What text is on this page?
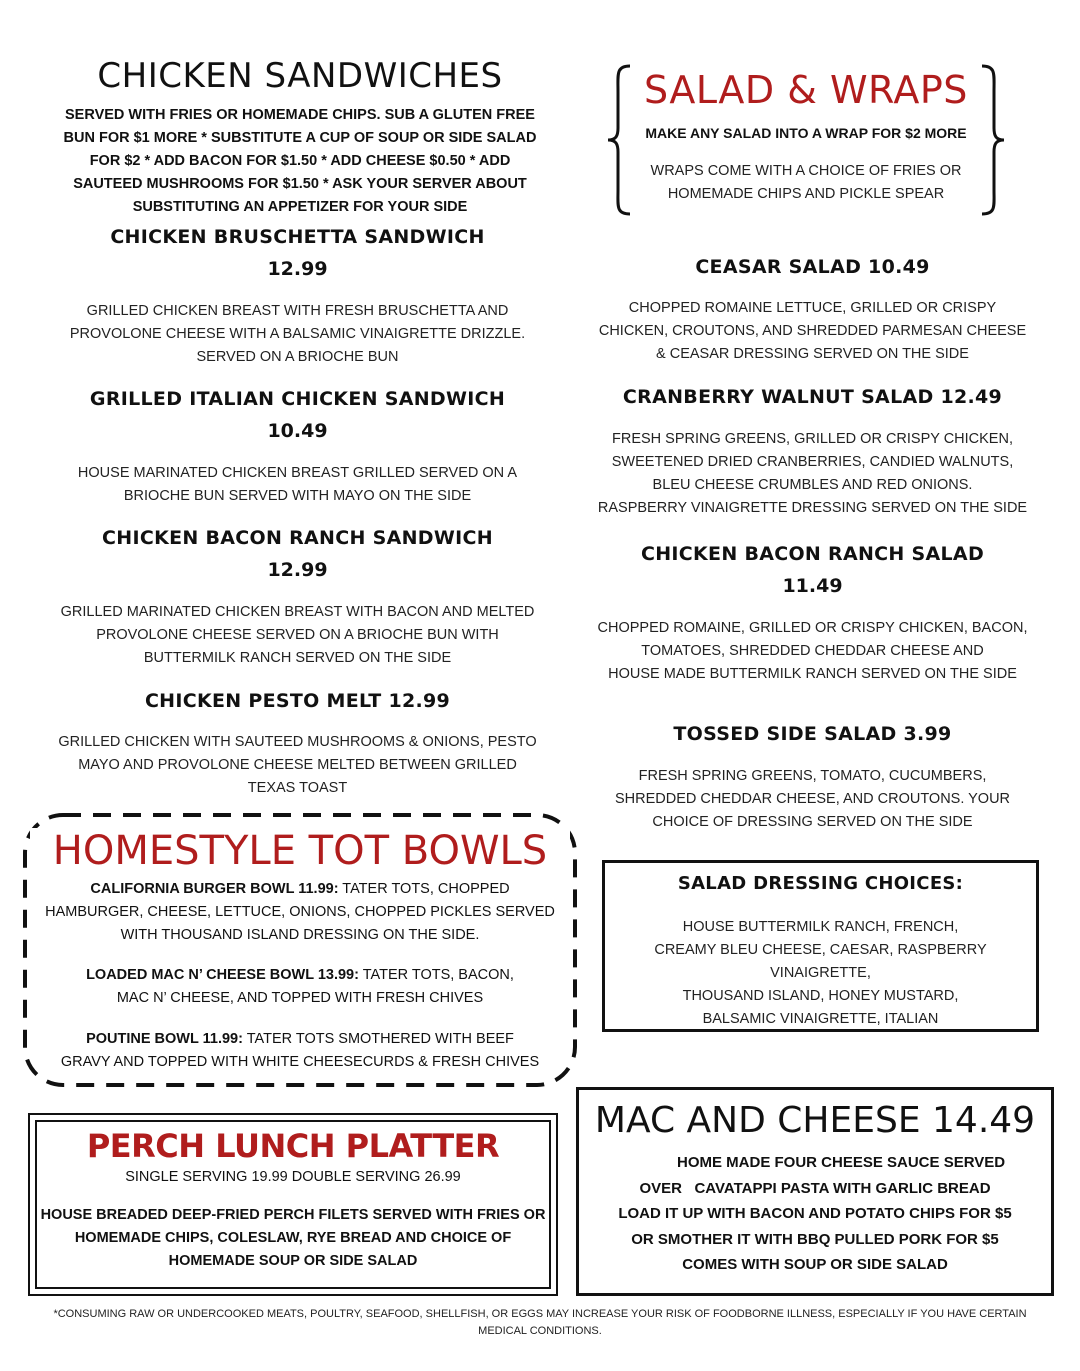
CHICKEN SANDWICHES
SERVED WITH FRIES OR HOMEMADE CHIPS. SUB A GLUTEN FREE
BUN FOR $1 MORE * SUBSTITUTE A CUP OF SOUP OR SIDE SALAD
FOR $2 * ADD BACON FOR $1.50 * ADD CHEESE $0.50 * ADD
SAUTEED MUSHROOMS FOR $1.50 * ASK YOUR SERVER ABOUT
SUBSTITUTING AN APPETIZER FOR YOUR SIDE
CHICKEN BRUSCHETTA SANDWICH
12.99
GRILLED CHICKEN BREAST WITH FRESH BRUSCHETTA AND
PROVOLONE CHEESE WITH A BALSAMIC VINAIGRETTE DRIZZLE.
SERVED ON A BRIOCHE BUN
GRILLED ITALIAN CHICKEN SANDWICH
10.49
HOUSE MARINATED CHICKEN BREAST GRILLED SERVED ON A
BRIOCHE BUN SERVED WITH MAYO ON THE SIDE
CHICKEN BACON RANCH SANDWICH
12.99
GRILLED MARINATED CHICKEN BREAST WITH BACON AND MELTED
PROVOLONE CHEESE SERVED ON A BRIOCHE BUN WITH
BUTTERMILK RANCH SERVED ON THE SIDE
CHICKEN PESTO MELT 12.99
GRILLED CHICKEN WITH SAUTEED MUSHROOMS & ONIONS, PESTO
MAYO AND PROVOLONE CHEESE MELTED BETWEEN GRILLED
TEXAS TOAST
SALAD & WRAPS
MAKE ANY SALAD INTO A WRAP FOR $2 MORE
WRAPS COME WITH A CHOICE OF FRIES OR
HOMEMADE CHIPS AND PICKLE SPEAR
CEASAR SALAD 10.49
CHOPPED ROMAINE LETTUCE, GRILLED OR CRISPY
CHICKEN, CROUTONS, AND SHREDDED PARMESAN CHEESE
& CEASAR DRESSING SERVED ON THE SIDE
CRANBERRY WALNUT SALAD 12.49
FRESH SPRING GREENS, GRILLED OR CRISPY CHICKEN,
SWEETENED DRIED CRANBERRIES, CANDIED WALNUTS,
BLEU CHEESE CRUMBLES AND RED ONIONS.
RASPBERRY VINAIGRETTE DRESSING SERVED ON THE SIDE
CHICKEN BACON RANCH SALAD
11.49
CHOPPED ROMAINE, GRILLED OR CRISPY CHICKEN, BACON,
TOMATOES, SHREDDED CHEDDAR CHEESE AND
HOUSE MADE BUTTERMILK RANCH SERVED ON THE SIDE
TOSSED SIDE SALAD 3.99
FRESH SPRING GREENS, TOMATO, CUCUMBERS,
SHREDDED CHEDDAR CHEESE, AND CROUTONS. YOUR
CHOICE OF DRESSING SERVED ON THE SIDE
SALAD DRESSING CHOICES:
HOUSE BUTTERMILK RANCH, FRENCH,
CREAMY BLEU CHEESE, CAESAR, RASPBERRY VINAIGRETTE,
THOUSAND ISLAND, HONEY MUSTARD,
BALSAMIC VINAIGRETTE, ITALIAN
HOMESTYLE TOT BOWLS
CALIFORNIA BURGER BOWL 11.99: TATER TOTS, CHOPPED
HAMBURGER, CHEESE, LETTUCE, ONIONS, CHOPPED PICKLES SERVED
WITH THOUSAND ISLAND DRESSING ON THE SIDE.
LOADED MAC N’ CHEESE BOWL 13.99: TATER TOTS, BACON,
MAC N’ CHEESE, AND TOPPED WITH FRESH CHIVES
POUTINE BOWL 11.99: TATER TOTS SMOTHERED WITH BEEF
GRAVY AND TOPPED WITH WHITE CHEESECURDS & FRESH CHIVES
PERCH LUNCH PLATTER
SINGLE SERVING 19.99 DOUBLE SERVING 26.99
HOUSE BREADED DEEP-FRIED PERCH FILETS SERVED WITH FRIES OR
HOMEMADE CHIPS, COLESLAW, RYE BREAD AND CHOICE OF
HOMEMADE SOUP OR SIDE SALAD
MAC AND CHEESE 14.49
HOME MADE FOUR CHEESE SAUCE SERVED
OVER   CAVATAPPI PASTA WITH GARLIC BREAD
LOAD IT UP WITH BACON AND POTATO CHIPS FOR $5
OR SMOTHER IT WITH BBQ PULLED PORK FOR $5
COMES WITH SOUP OR SIDE SALAD
*CONSUMING RAW OR UNDERCOOKED MEATS, POULTRY, SEAFOOD, SHELLFISH, OR EGGS MAY INCREASE YOUR RISK OF FOODBORNE ILLNESS, ESPECIALLY IF YOU HAVE CERTAIN
MEDICAL CONDITIONS.
